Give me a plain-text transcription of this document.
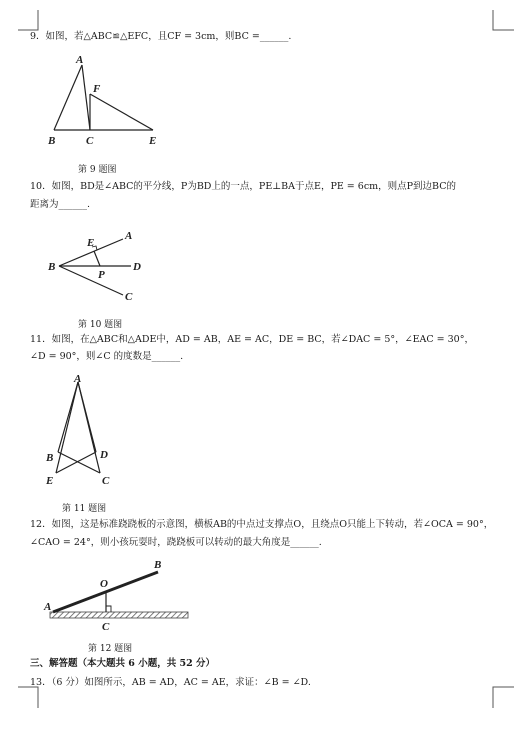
9．如图，若△ABC≌△EFC，且CF = 3cm，则BC =______.
A
F
B	C	E
第 9 题图
10．如图，BD是∠ABC的平分线，P为BD上的一点，PE⊥BA于点E，PE = 6cm，则点P到边BC的
距离为______.
A
E
B
P
D
C
第 10 题图
11．如图，在△ABC和△ADE中，AD = AB，AE = AC，DE = BC，若∠DAC = 5°，∠EAC = 30°，
∠D = 90°，则∠C 的度数是______.
A
B	D
E	C
第 11 题图
12．如图，这是标准跷跷板的示意图，横板AB的中点过支撑点O，且绕点O只能上下转动，若∠OCA = 90°，
∠CAO = 24°，则小孩玩耍时，跷跷板可以转动的最大角度是______.
B
O
A
C
第 12 题图
三、解答题（本大题共 6 小题，共 52 分）
13．（6 分）如图所示，AB = AD，AC = AE，求证：∠B = ∠D.
